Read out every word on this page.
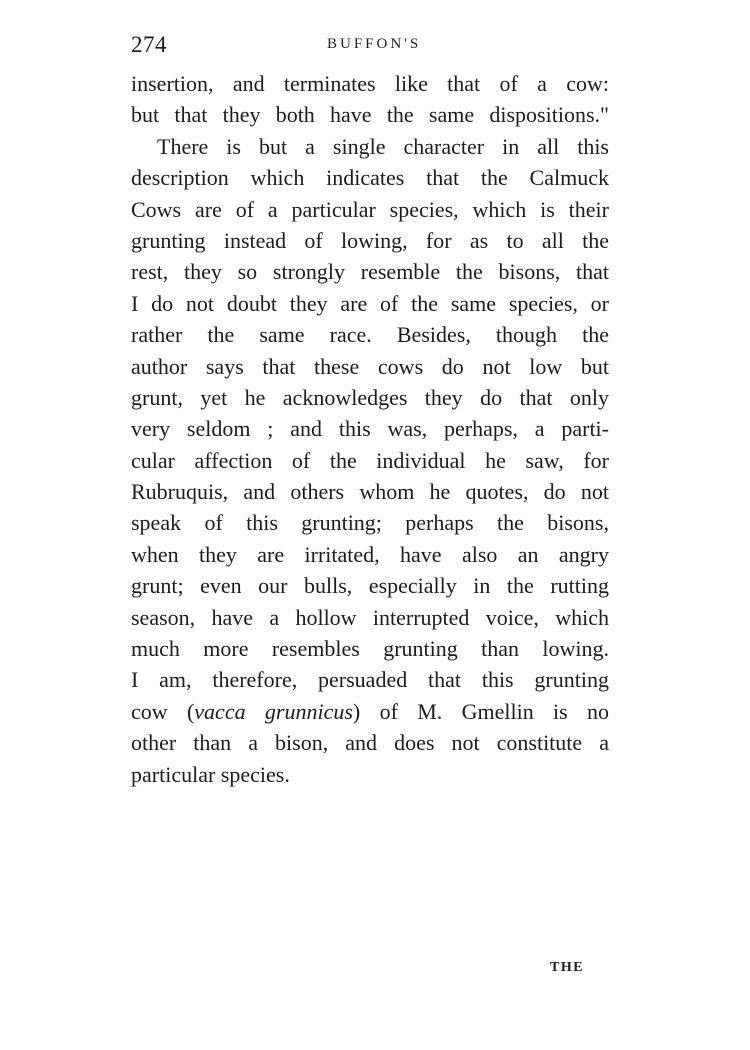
274	BUFFON'S
insertion, and terminates like that of a cow:
but that they both have the same dispositions."
There is but a single character in all this
description which indicates that the Calmuck
Cows are of a particular species, which is their
grunting instead of lowing, for as to all the
rest, they so strongly resemble the bisons, that
I do not doubt they are of the same species, or
rather the same race. Besides, though the
author says that these cows do not low but
grunt, yet he acknowledges they do that only
very seldom ; and this was, perhaps, a parti-
cular affection of the individual he saw, for
Rubruquis, and others whom he quotes, do not
speak of this grunting; perhaps the bisons,
when they are irritated, have also an angry
grunt; even our bulls, especially in the rutting
season, have a hollow interrupted voice, which
much more resembles grunting than lowing.
I am, therefore, persuaded that this grunting
cow (vacca grunnicus) of M. Gmellin is no
other than a bison, and does not constitute a
particular species.
THE
